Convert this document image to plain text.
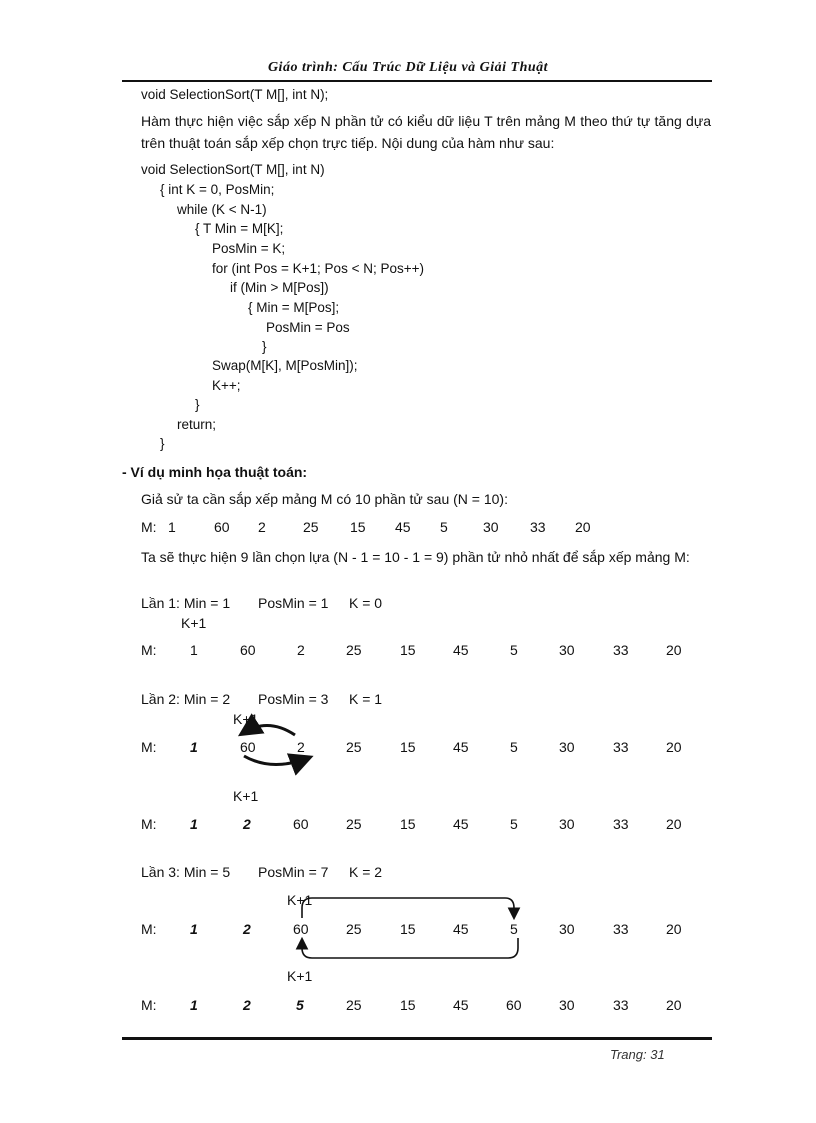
Giáo trình: Cấu Trúc Dữ Liệu và Giải Thuật
void SelectionSort(T M[], int N);
Hàm thực hiện việc sắp xếp N phần tử có kiểu dữ liệu T trên mảng M theo thứ tự tăng dựa trên thuật toán sắp xếp chọn trực tiếp. Nội dung của hàm như sau:
void SelectionSort(T M[], int N)
{ int K = 0, PosMin;
while (K < N-1)
{ T Min = M[K];
PosMin = K;
for (int Pos = K+1; Pos < N; Pos++)
if (Min > M[Pos])
{ Min = M[Pos];
PosMin = Pos
}
Swap(M[K], M[PosMin]);
K++;
}
return;
}
- Ví dụ minh họa thuật toán:
Giả sử ta cần sắp xếp mảng M có 10 phần tử sau (N = 10):
M: 1	60 2	25 15 45 5	30 33 20
Ta sẽ thực hiện 9 lần chọn lựa (N - 1 = 10 - 1 = 9) phần tử nhỏ nhất để sắp xếp mảng M:
Lần 1: Min = 1 PosMin = 1 K = 0
K+1
M: 1	60	2	25	15	45	5	30	33	20
Lần 2: Min = 2 PosMin = 3 K = 1
K+1
M: 1	60	2	25	15	45	5	30	33	20
K+1
M: 1	2	60	25	15	45	5	30	33	20
Lần 3: Min = 5 PosMin = 7 K = 2
K+1
M: 1	2	60	25	15	45	5	30	33	20
K+1
M: 1	2	5	25	15	45	60	30	33	20
Trang: 31
